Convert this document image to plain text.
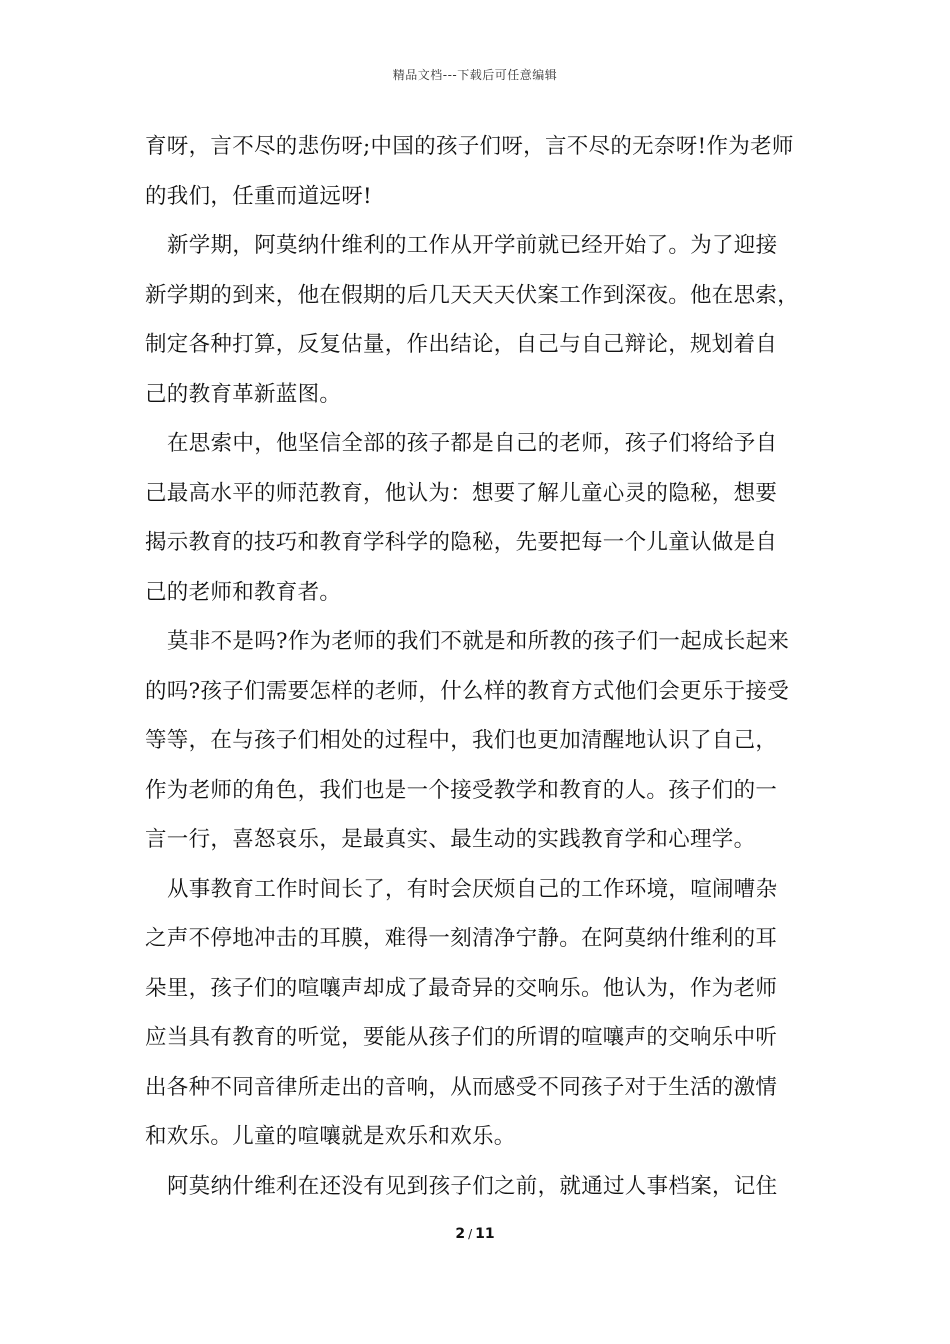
精品文档---下载后可任意编辑
育呀，言不尽的悲伤呀;中国的孩子们呀，言不尽的无奈呀!作为老师
的我们，任重而道远呀!
新学期，阿莫纳什维利的工作从开学前就已经开始了。为了迎接
新学期的到来，他在假期的后几天天天伏案工作到深夜。他在思索，
制定各种打算，反复估量，作出结论，自己与自己辩论，规划着自
己的教育革新蓝图。
在思索中，他坚信全部的孩子都是自己的老师，孩子们将给予自
己最高水平的师范教育，他认为：想要了解儿童心灵的隐秘，想要
揭示教育的技巧和教育学科学的隐秘，先要把每一个儿童认做是自
己的老师和教育者。
莫非不是吗?作为老师的我们不就是和所教的孩子们一起成长起来
的吗?孩子们需要怎样的老师，什么样的教育方式他们会更乐于接受
等等，在与孩子们相处的过程中，我们也更加清醒地认识了自己，
作为老师的角色，我们也是一个接受教学和教育的人。孩子们的一
言一行，喜怒哀乐，是最真实、最生动的实践教育学和心理学。
从事教育工作时间长了，有时会厌烦自己的工作环境，喧闹嘈杂
之声不停地冲击的耳膜，难得一刻清净宁静。在阿莫纳什维利的耳
朵里，孩子们的喧嚷声却成了最奇异的交响乐。他认为，作为老师
应当具有教育的听觉，要能从孩子们的所谓的喧嚷声的交响乐中听
出各种不同音律所走出的音响，从而感受不同孩子对于生活的激情
和欢乐。儿童的喧嚷就是欢乐和欢乐。
阿莫纳什维利在还没有见到孩子们之前，就通过人事档案，记住
2 / 11
